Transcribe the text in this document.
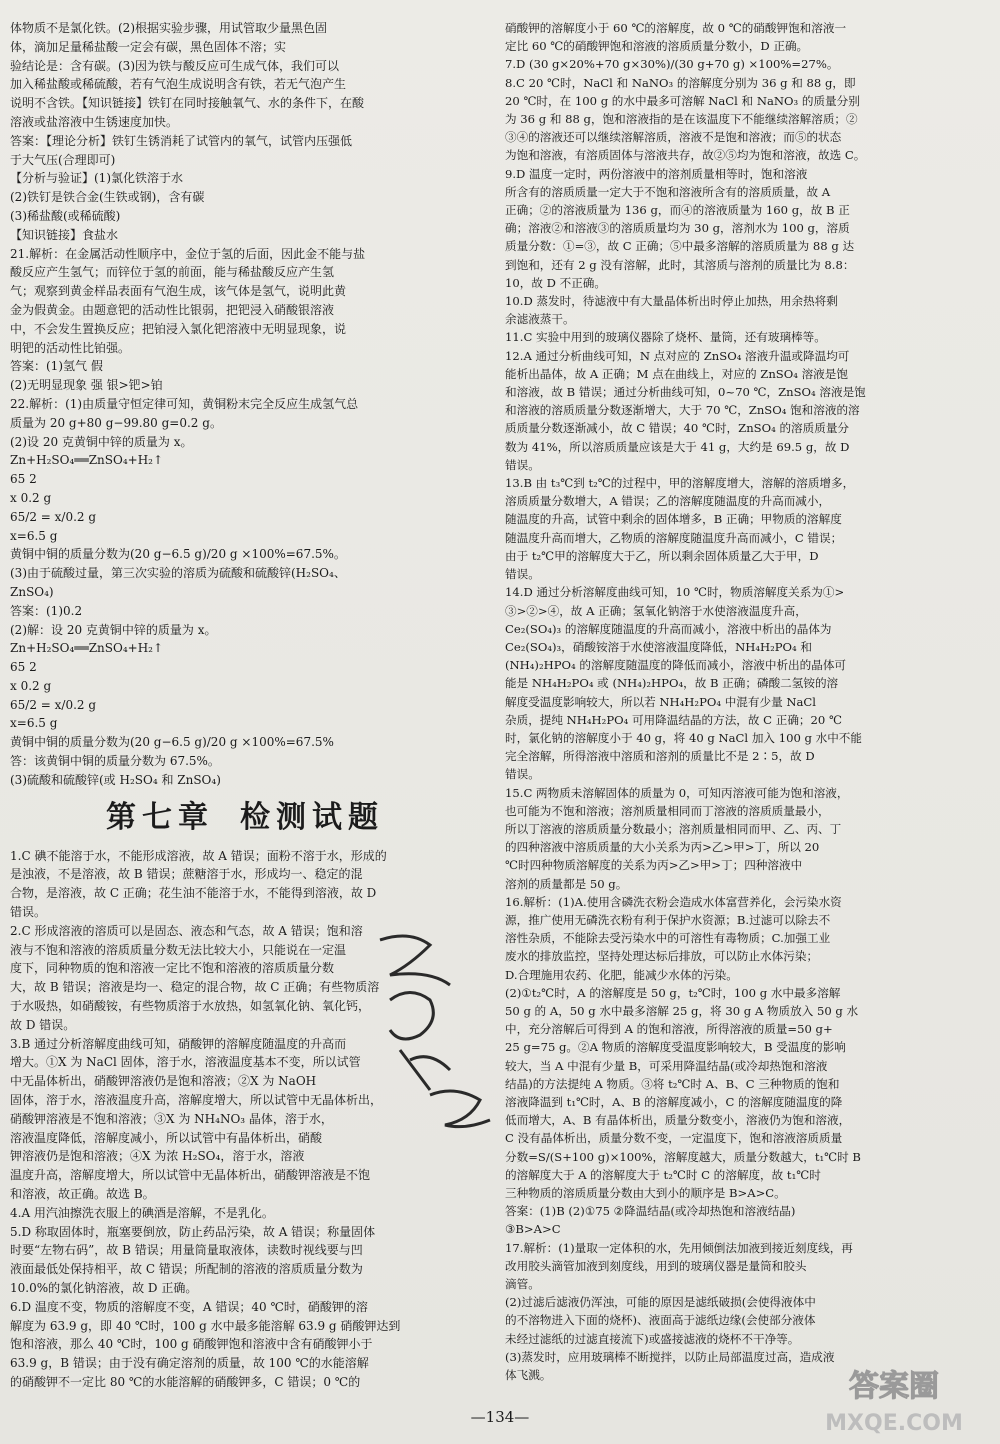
体物质不是氯化铁。(2)根据实验步骤，用试管取少量黑色固
体，滴加足量稀盐酸一定会有碳，黑色固体不溶；实
验结论是：含有碳。(3)因为铁与酸反应可生成气体，我们可以
加入稀盐酸或稀硫酸，若有气泡生成说明含有铁，若无气泡产生
说明不含铁。【知识链接】铁钉在同时接触氧气、水的条件下，在酸
溶液或盐溶液中生锈速度加快。
答案：【理论分析】铁钉生锈消耗了试管内的氧气，试管内压强低
于大气压(合理即可)
【分析与验证】(1)氯化铁溶于水
(2)铁钉是铁合金(生铁或钢)，含有碳
(3)稀盐酸(或稀硫酸)
【知识链接】食盐水
21.解析：在金属活动性顺序中，金位于氢的后面，因此金不能与盐
酸反应产生氢气；而锌位于氢的前面，能与稀盐酸反应产生氢
气；观察到黄金样品表面有气泡生成，该气体是氢气，说明此黄
金为假黄金。由题意钯的活动性比银弱，把钯浸入硝酸银溶液
中，不会发生置换反应；把铂浸入氯化钯溶液中无明显现象，说
明钯的活动性比铂强。
答案：(1)氢气 假
(2)无明显现象 强 银>钯>铂
22.解析：(1)由质量守恒定律可知，黄铜粉末完全反应生成氢气总
质量为 20 g+80 g−99.80 g=0.2 g。
(2)设 20 克黄铜中锌的质量为 x。
Zn+H₂SO₄══ZnSO₄+H₂↑
65 2
x 0.2 g
65/2 = x/0.2 g
x=6.5 g
黄铜中铜的质量分数为(20 g−6.5 g)/20 g ×100%=67.5%。
(3)由于硫酸过量，第三次实验的溶质为硫酸和硫酸锌(H₂SO₄、
ZnSO₄)
答案：(1)0.2
(2)解：设 20 克黄铜中锌的质量为 x。
Zn+H₂SO₄══ZnSO₄+H₂↑
65 2
x 0.2 g
65/2 = x/0.2 g
x=6.5 g
黄铜中铜的质量分数为(20 g−6.5 g)/20 g ×100%=67.5%
答：该黄铜中铜的质量分数为 67.5%。
(3)硫酸和硫酸锌(或 H₂SO₄ 和 ZnSO₄)
第七章 检测试题
1.C 碘不能溶于水，不能形成溶液，故 A 错误；面粉不溶于水，形成的
是浊液，不是溶液，故 B 错误；蔗糖溶于水，形成均一、稳定的混
合物，是溶液，故 C 正确；花生油不能溶于水，不能得到溶液，故 D
错误。
2.C 形成溶液的溶质可以是固态、液态和气态，故 A 错误；饱和溶
液与不饱和溶液的溶质质量分数无法比较大小，只能说在一定温
度下，同种物质的饱和溶液一定比不饱和溶液的溶质质量分数
大，故 B 错误；溶液是均一、稳定的混合物，故 C 正确；有些物质溶
于水吸热，如硝酸铵，有些物质溶于水放热，如氢氧化钠、氧化钙，
故 D 错误。
3.B 通过分析溶解度曲线可知，硝酸钾的溶解度随温度的升高而
增大。①X 为 NaCl 固体，溶于水，溶液温度基本不变，所以试管
中无晶体析出，硝酸钾溶液仍是饱和溶液；②X 为 NaOH
固体，溶于水，溶液温度升高，溶解度增大，所以试管中无晶体析出，
硝酸钾溶液是不饱和溶液；③X 为 NH₄NO₃ 晶体，溶于水，
溶液温度降低，溶解度减小，所以试管中有晶体析出，硝酸
钾溶液仍是饱和溶液；④X 为浓 H₂SO₄，溶于水，溶液
温度升高，溶解度增大，所以试管中无晶体析出，硝酸钾溶液是不饱
和溶液，故正确。故选 B。
4.A 用汽油擦洗衣服上的碘酒是溶解，不是乳化。
5.D 称取固体时，瓶塞要倒放，防止药品污染，故 A 错误；称量固体
时要“左物右码”，故 B 错误；用量筒量取液体，读数时视线要与凹
液面最低处保持相平，故 C 错误；所配制的溶液的溶质质量分数为
10.0%的氯化钠溶液，故 D 正确。
6.D 温度不变，物质的溶解度不变，A 错误；40 ℃时，硝酸钾的溶
解度为 63.9 g，即 40 ℃时，100 g 水中最多能溶解 63.9 g 硝酸钾达到
饱和溶液，那么 40 ℃时，100 g 硝酸钾饱和溶液中含有硝酸钾小于
63.9 g，B 错误；由于没有确定溶剂的质量，故 100 ℃的水能溶解
的硝酸钾不一定比 80 ℃的水能溶解的硝酸钾多，C 错误；0 ℃的
硝酸钾的溶解度小于 60 ℃的溶解度，故 0 ℃的硝酸钾饱和溶液一
定比 60 ℃的硝酸钾饱和溶液的溶质质量分数小，D 正确。
7.D (30 g×20%+70 g×30%)/(30 g+70 g) ×100%=27%。
8.C 20 ℃时，NaCl 和 NaNO₃ 的溶解度分别为 36 g 和 88 g，即
20 ℃时，在 100 g 的水中最多可溶解 NaCl 和 NaNO₃ 的质量分别
为 36 g 和 88 g，饱和溶液指的是在该温度下不能继续溶解溶质；②
③④的溶液还可以继续溶解溶质，溶液不是饱和溶液；而⑤的状态
为饱和溶液，有溶质固体与溶液共存，故②⑤均为饱和溶液，故选 C。
9.D 温度一定时，两份溶液中的溶剂质量相等时，饱和溶液
所含有的溶质质量一定大于不饱和溶液所含有的溶质质量，故 A
正确；②的溶液质量为 136 g，而④的溶液质量为 160 g，故 B 正
确；溶液②和溶液③的溶质质量均为 30 g，溶剂水为 100 g，溶质
质量分数：①=③，故 C 正确；⑤中最多溶解的溶质质量为 88 g 达
到饱和，还有 2 g 没有溶解，此时，其溶质与溶剂的质量比为 8.8：
10，故 D 不正确。
10.D 蒸发时，待滤液中有大量晶体析出时停止加热，用余热将剩
余滤液蒸干。
11.C 实验中用到的玻璃仪器除了烧杯、量筒，还有玻璃棒等。
12.A 通过分析曲线可知，N 点对应的 ZnSO₄ 溶液升温或降温均可
能析出晶体，故 A 正确；M 点在曲线上，对应的 ZnSO₄ 溶液是饱
和溶液，故 B 错误；通过分析曲线可知，0~70 ℃，ZnSO₄ 溶液是饱
和溶液的溶质质量分数逐渐增大，大于 70 ℃，ZnSO₄ 饱和溶液的溶
质质量分数逐渐减小，故 C 错误；40 ℃时，ZnSO₄ 的溶质质量分
数为 41%，所以溶质质量应该是大于 41 g，大约是 69.5 g，故 D
错误。
13.B 由 t₃℃到 t₂℃的过程中，甲的溶解度增大，溶解的溶质增多，
溶质质量分数增大，A 错误；乙的溶解度随温度的升高而减小，
随温度的升高，试管中剩余的固体增多，B 正确；甲物质的溶解度
随温度升高而增大，乙物质的溶解度随温度升高而减小，C 错误；
由于 t₂℃甲的溶解度大于乙，所以剩余固体质量乙大于甲，D
错误。
14.D 通过分析溶解度曲线可知，10 ℃时，物质溶解度关系为①>
③>②>④，故 A 正确；氢氧化钠溶于水使溶液温度升高，
Ce₂(SO₄)₃ 的溶解度随温度的升高而减小，溶液中析出的晶体为
Ce₂(SO₄)₃，硝酸铵溶于水使溶液温度降低，NH₄H₂PO₄ 和
(NH₄)₂HPO₄ 的溶解度随温度的降低而减小，溶液中析出的晶体可
能是 NH₄H₂PO₄ 或 (NH₄)₂HPO₄，故 B 正确；磷酸二氢铵的溶
解度受温度影响较大，所以若 NH₄H₂PO₄ 中混有少量 NaCl
杂质，提纯 NH₄H₂PO₄ 可用降温结晶的方法，故 C 正确；20 ℃
时，氯化钠的溶解度小于 40 g，将 40 g NaCl 加入 100 g 水中不能
完全溶解，所得溶液中溶质和溶剂的质量比不是 2∶5，故 D
错误。
15.C 两物质未溶解固体的质量为 0，可知丙溶液可能为饱和溶液，
也可能为不饱和溶液；溶剂质量相同而丁溶液的溶质质量最小，
所以丁溶液的溶质质量分数最小；溶剂质量相同而甲、乙、丙、丁
的四种溶液中溶质质量的大小关系为丙>乙>甲>丁，所以 20
℃时四种物质溶解度的关系为丙>乙>甲>丁；四种溶液中
溶剂的质量都是 50 g。
16.解析：(1)A.使用含磷洗衣粉会造成水体富营养化，会污染水资
源，推广使用无磷洗衣粉有利于保护水资源；B.过滤可以除去不
溶性杂质，不能除去受污染水中的可溶性有毒物质；C.加强工业
废水的排放监控，坚持处理达标后排放，可以防止水体污染；
D.合理施用农药、化肥，能减少水体的污染。
(2)①t₂℃时，A 的溶解度是 50 g，t₂℃时，100 g 水中最多溶解
50 g 的 A，50 g 水中最多溶解 25 g，将 30 g A 物质放入 50 g 水
中，充分溶解后可得到 A 的饱和溶液，所得溶液的质量=50 g+
25 g=75 g。②A 物质的溶解度受温度影响较大，B 受温度的影响
较大，当 A 中混有少量 B，可采用降温结晶(或冷却热饱和溶液
结晶)的方法提纯 A 物质。③将 t₂℃时 A、B、C 三种物质的饱和
溶液降温到 t₁℃时，A、B 的溶解度减小，C 的溶解度随温度的降
低而增大，A、B 有晶体析出，质量分数变小，溶液仍为饱和溶液，
C 没有晶体析出，质量分数不变，一定温度下，饱和溶液溶质质量
分数=S/(S+100 g)×100%，溶解度越大，质量分数越大，t₁℃时 B
的溶解度大于 A 的溶解度大于 t₂℃时 C 的溶解度，故 t₁℃时
三种物质的溶质质量分数由大到小的顺序是 B>A>C。
答案：(1)B (2)①75 ②降温结晶(或冷却热饱和溶液结晶)
③B>A>C
17.解析：(1)量取一定体积的水，先用倾倒法加液到接近刻度线，再
改用胶头滴管加液到刻度线，用到的玻璃仪器是量筒和胶头
滴管。
(2)过滤后滤液仍浑浊，可能的原因是滤纸破损(会使得液体中
的不溶物进入下面的烧杯)、液面高于滤纸边缘(会使部分液体
未经过滤纸的过滤直接流下)或盛接滤液的烧杯不干净等。
(3)蒸发时，应用玻璃棒不断搅拌，以防止局部温度过高，造成液
体飞溅。
—134—
答案圈
MXQE.COM
